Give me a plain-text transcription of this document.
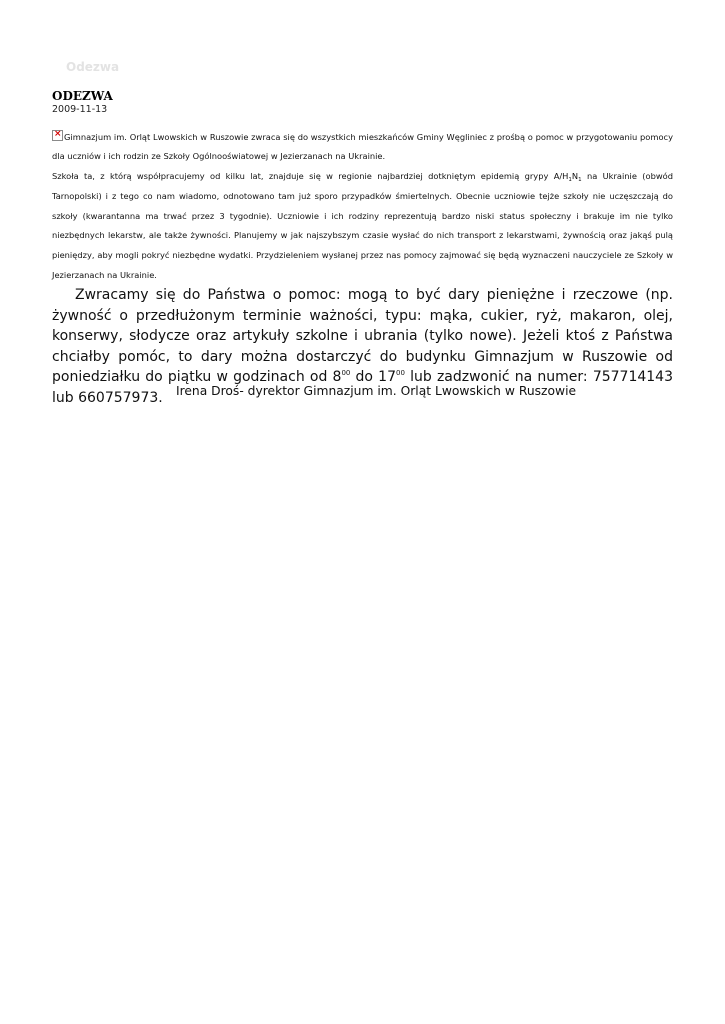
Odezwa
ODEZWA
2009-11-13

× Gimnazjum im. Orląt Lwowskich w Ruszowie zwraca się do wszystkich mieszkańców Gminy Węgliniec z prośbą o pomoc w przygotowaniu pomocy dla uczniów i ich rodzin ze Szkoły Ogólnooświatowej w Jezierzanach na Ukrainie.

Szkoła ta, z którą współpracujemy od kilku lat, znajduje się w regionie najbardziej dotkniętym epidemią grypy $A/H_1N_1$ na Ukrainie (obwód Tarnopolski) i z tego co nam wiadomo, odnotowano tam już sporo przypadków śmiertelnych. Obecnie uczniowie tejże szkoły nie uczęszczają do szkoły (kwarantanna ma trwać przez 3 tygodnie). Uczniowie i ich rodziny reprezentują bardzo niski status społeczny i brakuje im nie tylko niezbędnych lekarstw, ale także żywności. Planujemy w jak najszybszym czasie wysłać do nich transport z lekarstwami, żywnością oraz jakąś pulą pieniędzy, aby mogli pokryć niezbędne wydatki. Przydzieleniem wysłanej przez nas pomocy zajmować się będą wyznaczeni nauczyciele ze Szkoły w Jezierzanach na Ukrainie.

Zwracamy się do Państwa o pomoc: mogą to być dary pieniężne i rzeczowe (np. żywność o przedłużonym terminie ważności, typu: mąka, cukier, ryż, makaron, olej, konserwy, słodycze oraz artykuły szkolne i ubrania (tylko nowe). Jeżeli ktoś z Państwa chciałby pomóc, to dary można dostarczyć do budynku Gimnazjum w Ruszowie od poniedziałku do piątku w godzinach od $8^{00}$ do $17^{00}$ lub zadzwonić na numer: 757714143 lub 660757973.	Irena Droś- dyrektor Gimnazjum im. Orląt Lwowskich w Ruszowie
